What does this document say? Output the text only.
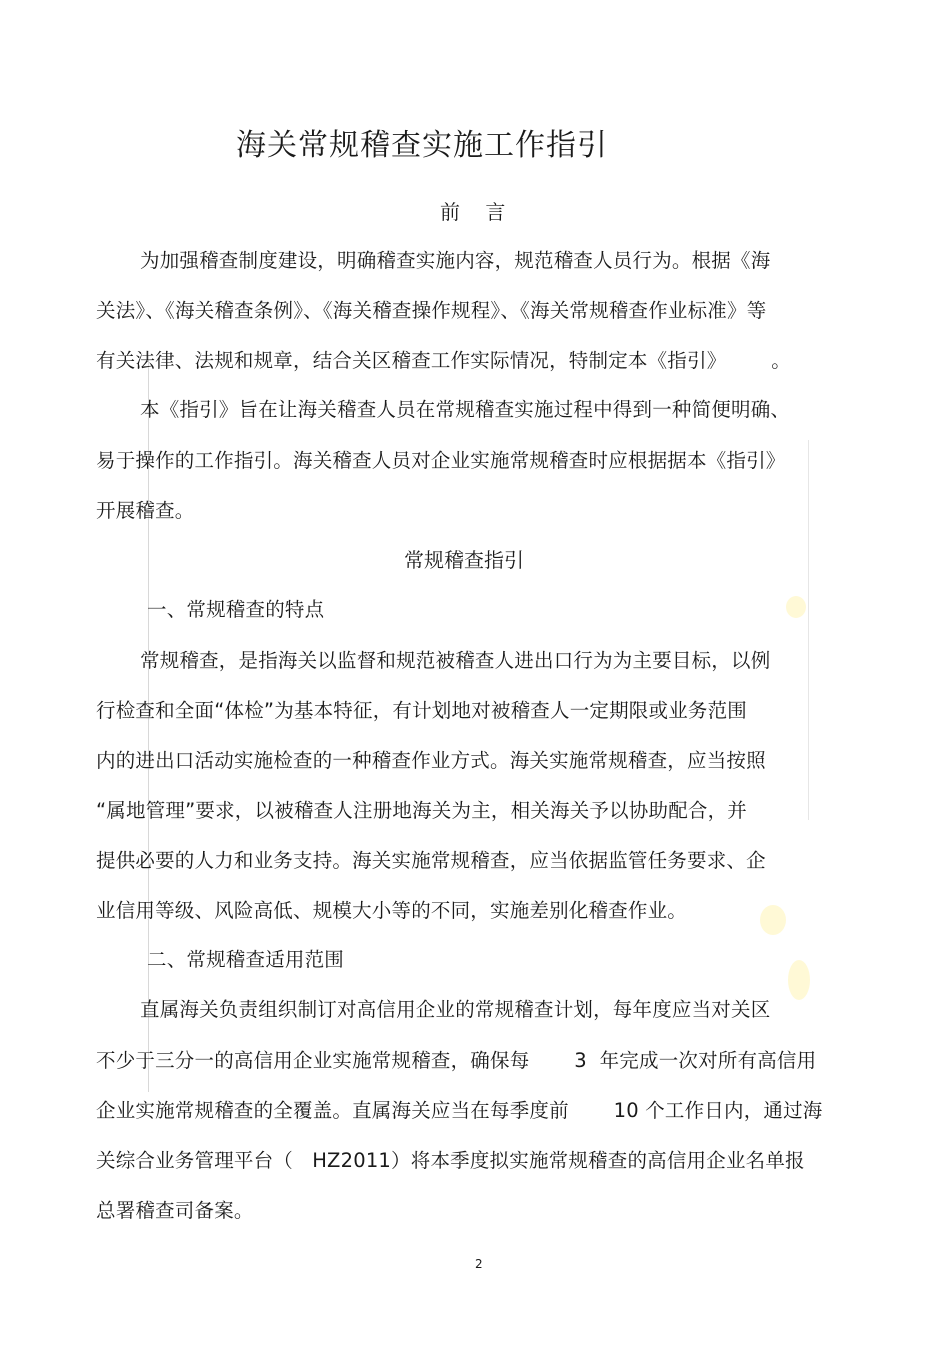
海关常规稽查实施工作指引
前    言
为加强稽查制度建设，明确稽查实施内容，规范稽查人员行为。根据《海
关法》、《海关稽查条例》、《海关稽查操作规程》、《海关常规稽查作业标准》等
有关法律、法规和规章，结合关区稽查工作实际情况，特制定本《指引》       。
本《指引》旨在让海关稽查人员在常规稽查实施过程中得到一种简便明确、
易于操作的工作指引。海关稽查人员对企业实施常规稽查时应根据据本《指引》
开展稽查。
常规稽查指引
一、常规稽查的特点
常规稽查，是指海关以监督和规范被稽查人进出口行为为主要目标，以例
行检查和全面“体检”为基本特征，有计划地对被稽查人一定期限或业务范围
内的进出口活动实施检查的一种稽查作业方式。海关实施常规稽查，应当按照
“属地管理”要求，以被稽查人注册地海关为主，相关海关予以协助配合，并
提供必要的人力和业务支持。海关实施常规稽查，应当依据监管任务要求、企
业信用等级、风险高低、规模大小等的不同，实施差别化稽查作业。
二、常规稽查适用范围
直属海关负责组织制订对高信用企业的常规稽查计划，每年度应当对关区
不少于三分一的高信用企业实施常规稽查，确保每       3  年完成一次对所有高信用
企业实施常规稽查的全覆盖。直属海关应当在每季度前       10 个工作日内，通过海
关综合业务管理平台（   HZ2011）将本季度拟实施常规稽查的高信用企业名单报
总署稽查司备案。
2
